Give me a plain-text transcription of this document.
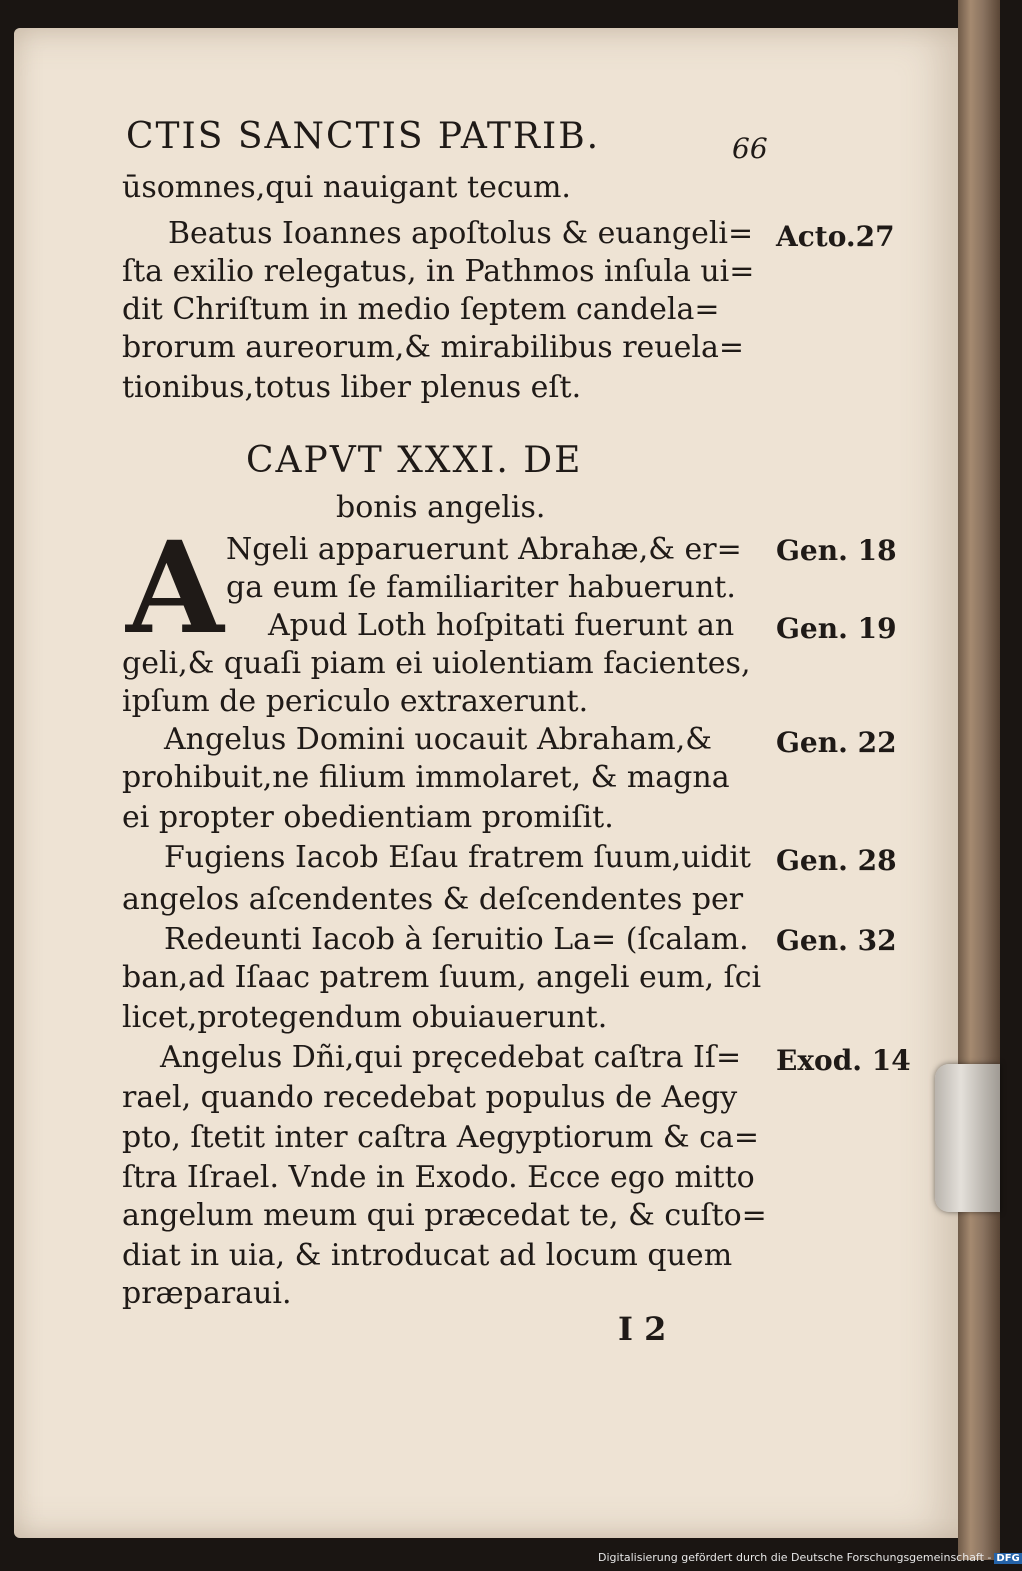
CTIS SANCTIS PATRIB.	66
ūsomnes,qui nauigant tecum.
Beatus Ioannes apoſtolus & euangeli=
ſta exilio relegatus, in Pathmos inſula ui=
dit Chriſtum in medio ſeptem candela=
brorum aureorum,& mirabilibus reuela=
tionibus,totus liber plenus eſt.
Acto.27
CAPVT XXXI. DE
bonis angelis.
A Ngeli apparuerunt Abrahæ,& er=
ga eum ſe familiariter habuerunt.
Apud Loth hoſpitati fuerunt an
geli,& quaſi piam ei uiolentiam facientes,
ipſum de periculo extraxerunt.
Angelus Domini uocauit Abraham,&
prohibuit,ne filium immolaret, & magna
ei propter obedientiam promiſit.
Fugiens Iacob Eſau fratrem ſuum,uidit
angelos aſcendentes & deſcendentes per
Redeunti Iacob à ſeruitio La= (ſcalam.
ban,ad Iſaac patrem ſuum, angeli eum, ſci
licet,protegendum obuiauerunt.
Angelus Dñi,qui pręcedebat caſtra Iſ=
rael, quando recedebat populus de Aegy
pto, ſtetit inter caſtra Aegyptiorum & ca=
ſtra Iſrael. Vnde in Exodo. Ecce ego mitto
angelum meum qui præcedat te, & cuſto=
diat in uia, & introducat ad locum quem
præparaui.
Gen. 18
Gen. 19
Gen. 22
Gen. 28
Gen. 32
Exod. 14
I 2
Digitalisierung gefördert durch die Deutsche Forschungsgemeinschaft - DFG
